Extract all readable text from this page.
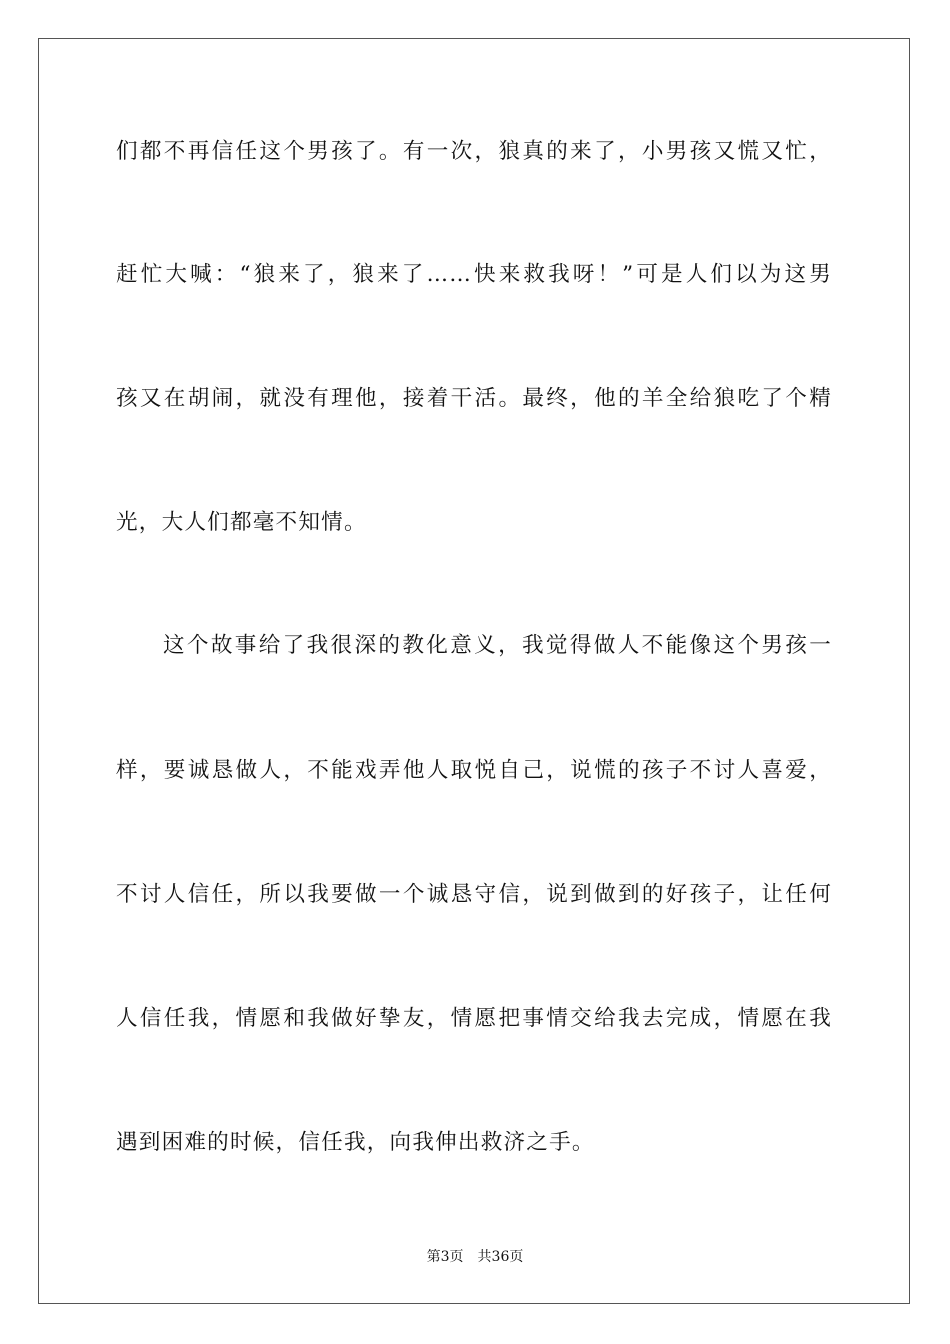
们都不再信任这个男孩了。有一次，狼真的来了，小男孩又慌又忙，
赶忙大喊：“狼来了，狼来了……快来救我呀！”可是人们以为这男
孩又在胡闹，就没有理他，接着干活。最终，他的羊全给狼吃了个精
光，大人们都毫不知情。
这个故事给了我很深的教化意义，我觉得做人不能像这个男孩一
样，要诚恳做人，不能戏弄他人取悦自己，说慌的孩子不讨人喜爱，
不讨人信任，所以我要做一个诚恳守信，说到做到的好孩子，让任何
人信任我，情愿和我做好挚友，情愿把事情交给我去完成，情愿在我
遇到困难的时候，信任我，向我伸出救济之手。
第3页 共36页
